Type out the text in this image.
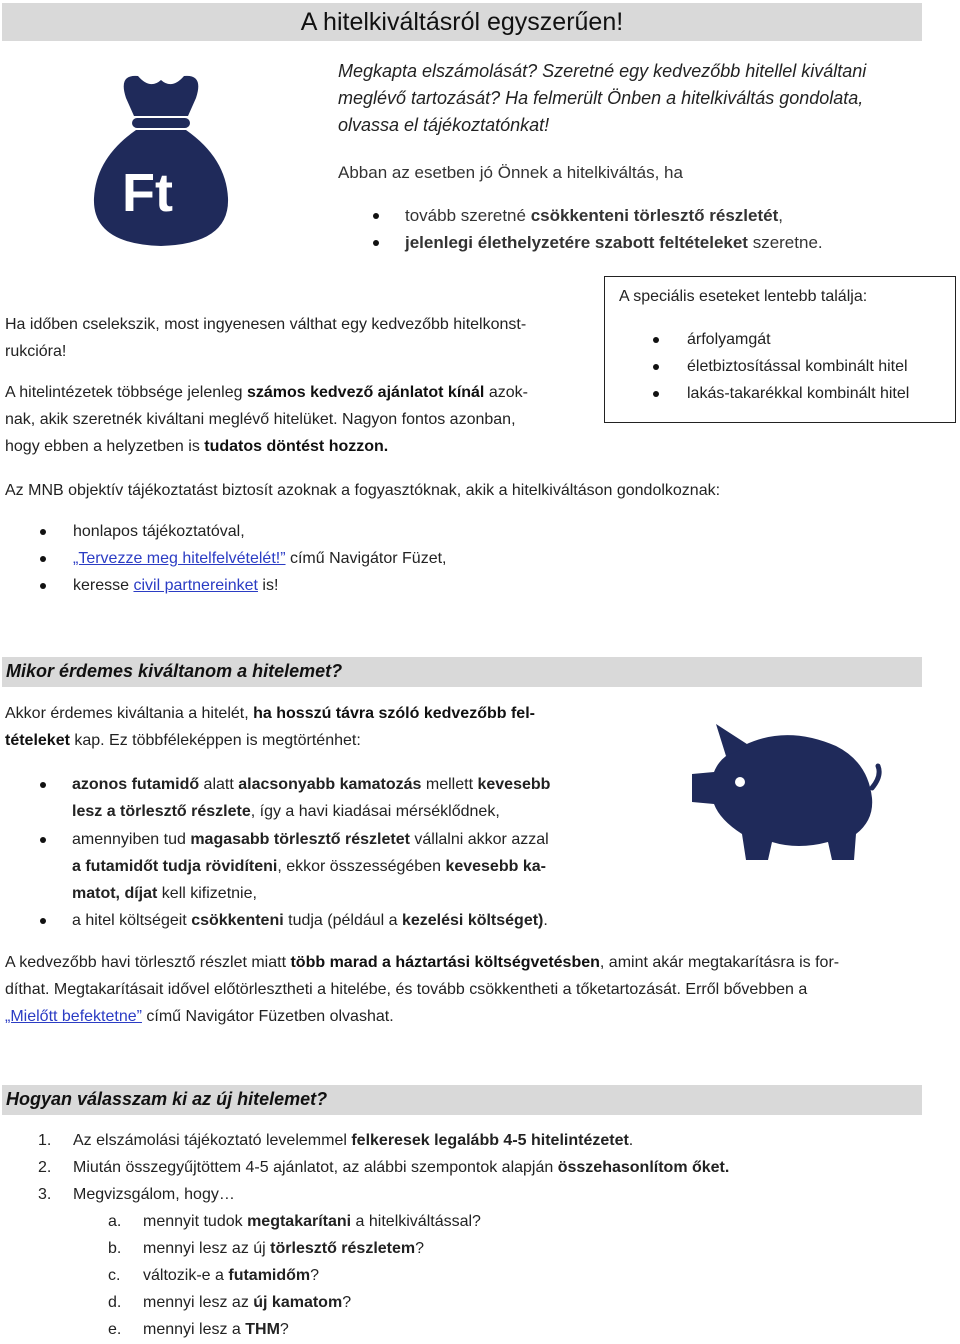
A hitelkiváltásról egyszerűen!
Ft
Megkapta elszámolását? Szeretné egy kedvezőbb hitellel kiváltani
meglévő tartozását? Ha felmerült Önben a hitelkiváltás gondolata,
olvassa el tájékoztatónkat!
Abban az esetben jó Önnek a hitelkiváltás, ha
tovább szeretné csökkenteni törlesztő részletét,
jelenlegi élethelyzetére szabott feltételeket szeretne.
Ha időben cselekszik, most ingyenesen válthat egy kedvezőbb hitelkonst-
rukcióra!
A hitelintézetek többsége jelenleg számos kedvező ajánlatot kínál azok-
nak, akik szeretnék kiváltani meglévő hitelüket. Nagyon fontos azonban,
hogy ebben a helyzetben is tudatos döntést hozzon.
A speciális eseteket lentebb találja:
árfolyamgát
életbiztosítással kombinált hitel
lakás-takarékkal kombinált hitel
Az MNB objektív tájékoztatást biztosít azoknak a fogyasztóknak, akik a hitelkiváltáson gondolkoznak:
honlapos tájékoztatóval,
„Tervezze meg hitelfelvételét!” című Navigátor Füzet,
keresse civil partnereinket is!
Mikor érdemes kiváltanom a hitelemet?
Akkor érdemes kiváltania a hitelét, ha hosszú távra szóló kedvezőbb fel-
tételeket kap. Ez többféleképpen is megtörténhet:
azonos futamidő alatt alacsonyabb kamatozás mellett kevesebb
lesz a törlesztő részlete, így a havi kiadásai mérséklődnek,
amennyiben tud magasabb törlesztő részletet vállalni akkor azzal
a futamidőt tudja rövidíteni, ekkor összességében kevesebb ka-
matot, díjat kell kifizetnie,
a hitel költségeit csökkenteni tudja (például a kezelési költséget).
A kedvezőbb havi törlesztő részlet miatt több marad a háztartási költségvetésben, amint akár megtakarításra is for-
díthat. Megtakarításait idővel előtörlesztheti a hitelébe, és tovább csökkentheti a tőketartozását. Erről bővebben a
„Mielőtt befektetne” című Navigátor Füzetben olvashat.
Hogyan válasszam ki az új hitelemet?
1. Az elszámolási tájékoztató levelemmel felkeresek legalább 4-5 hitelintézetet.
2. Miután összegyűjtöttem 4-5 ajánlatot, az alábbi szempontok alapján összehasonlítom őket.
3. Megvizsgálom, hogy…
a. mennyit tudok megtakarítani a hitelkiváltással?
b. mennyi lesz az új törlesztő részletem?
c. változik-e a futamidőm?
d. mennyi lesz az új kamatom?
e. mennyi lesz a THM?
